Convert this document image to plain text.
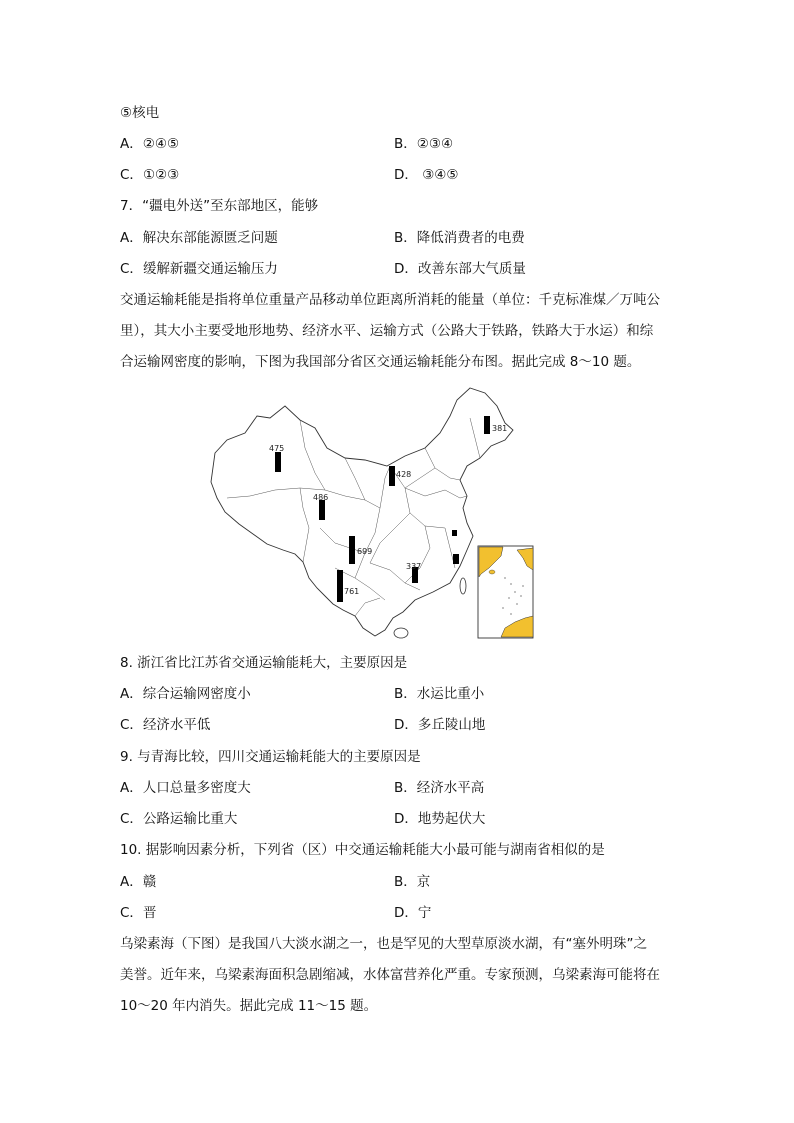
⑤核电
A．②④⑤	B．②③④
C．①②③	D． ③④⑤
7．“疆电外送”至东部地区，能够
A．解决东部能源匮乏问题	B．降低消费者的电费
C．缓解新疆交通运输压力	D．改善东部大气质量
交通运输耗能是指将单位重量产品移动单位距离所消耗的能量（单位：千克标准煤／万吨公
里），其大小主要受地形地势、经济水平、运输方式（公路大于铁路，铁路大于水运）和综
合运输网密度的影响，下图为我国部分省区交通运输耗能分布图。据此完成 8～10 题。
475
486
428
381
699
761
337
8. 浙江省比江苏省交通运输能耗大，主要原因是
A．综合运输网密度小	B．水运比重小
C．经济水平低	D．多丘陵山地
9. 与青海比较，四川交通运输耗能大的主要原因是
A．人口总量多密度大	B．经济水平高
C．公路运输比重大	D．地势起伏大
10. 据影响因素分析，下列省（区）中交通运输耗能大小最可能与湖南省相似的是
A．赣	B．京
C．晋	D．宁
乌梁素海（下图）是我国八大淡水湖之一，也是罕见的大型草原淡水湖，有“塞外明珠”之
美誉。近年来，乌梁素海面积急剧缩减，水体富营养化严重。专家预测，乌梁素海可能将在
10～20 年内消失。据此完成 11～15 题。
